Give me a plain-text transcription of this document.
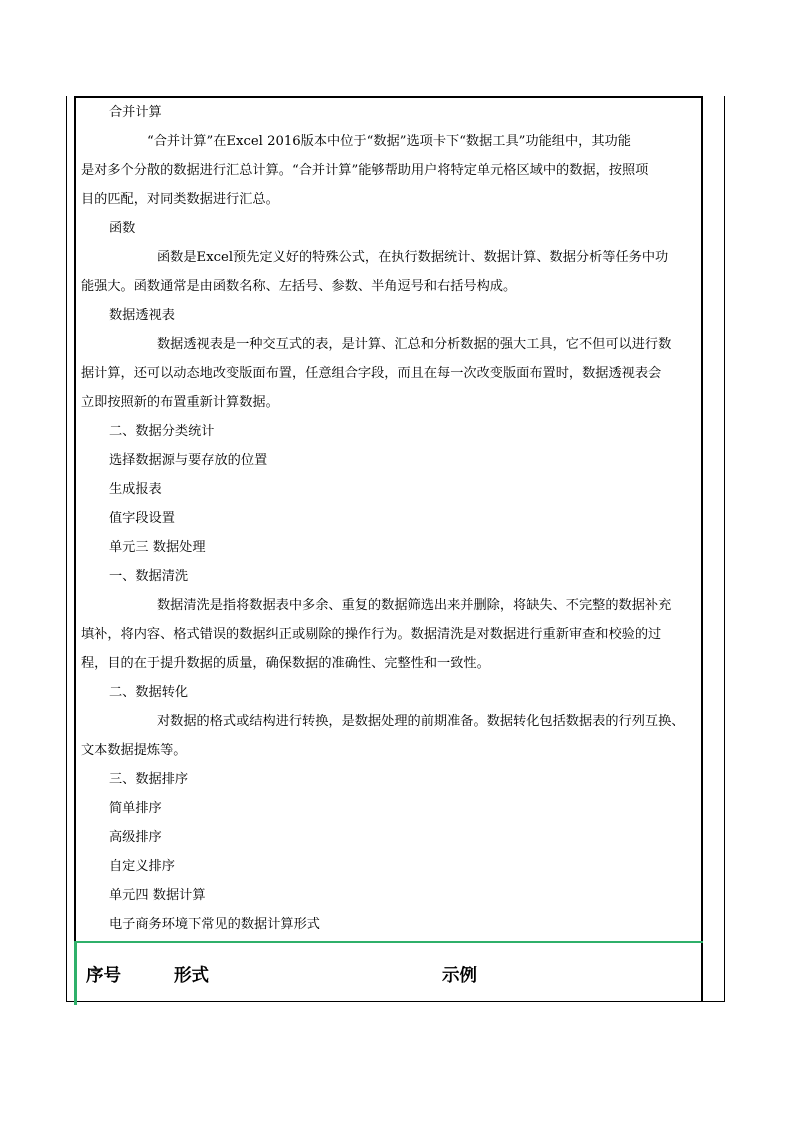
合并计算
“合并计算”在Excel 2016版本中位于“数据”选项卡下“数据工具”功能组中，其功能
是对多个分散的数据进行汇总计算。“合并计算”能够帮助用户将特定单元格区域中的数据，按照项
目的匹配，对同类数据进行汇总。
函数
函数是Excel预先定义好的特殊公式，在执行数据统计、数据计算、数据分析等任务中功
能强大。函数通常是由函数名称、左括号、参数、半角逗号和右括号构成。
数据透视表
数据透视表是一种交互式的表，是计算、汇总和分析数据的强大工具，它不但可以进行数
据计算，还可以动态地改变版面布置，任意组合字段，而且在每一次改变版面布置时，数据透视表会
立即按照新的布置重新计算数据。
二、数据分类统计
选择数据源与要存放的位置
生成报表
值字段设置
单元三 数据处理
一、数据清洗
数据清洗是指将数据表中多余、重复的数据筛选出来并删除，将缺失、不完整的数据补充
填补，将内容、格式错误的数据纠正或剔除的操作行为。数据清洗是对数据进行重新审查和校验的过
程，目的在于提升数据的质量，确保数据的准确性、完整性和一致性。
二、数据转化
对数据的格式或结构进行转换，是数据处理的前期准备。数据转化包括数据表的行列互换、
文本数据提炼等。
三、数据排序
简单排序
高级排序
自定义排序
单元四 数据计算
电子商务环境下常见的数据计算形式
序号	形式	示例
